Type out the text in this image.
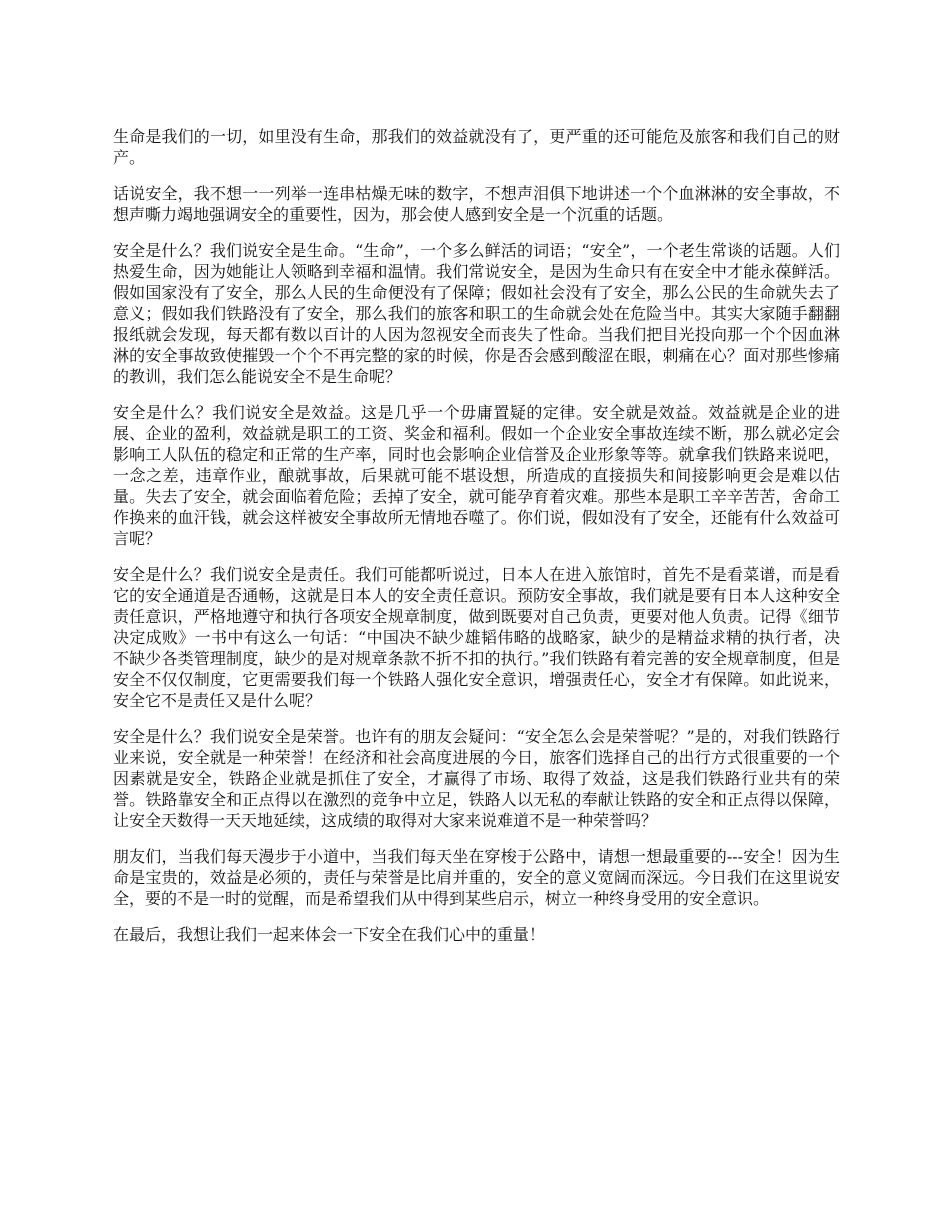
生命是我们的一切，如里没有生命，那我们的效益就没有了，更严重的还可能危及旅客和我们自己的财产。

话说安全，我不想一一列举一连串枯燥无味的数字，不想声泪俱下地讲述一个个血淋淋的安全事故，不想声嘶力竭地强调安全的重要性，因为，那会使人感到安全是一个沉重的话题。

安全是什么？我们说安全是生命。“生命”，一个多么鲜活的词语；“安全”，一个老生常谈的话题。人们热爱生命，因为她能让人领略到幸福和温情。我们常说安全，是因为生命只有在安全中才能永葆鲜活。假如国家没有了安全，那么人民的生命便没有了保障；假如社会没有了安全，那么公民的生命就失去了意义；假如我们铁路没有了安全，那么我们的旅客和职工的生命就会处在危险当中。其实大家随手翻翻报纸就会发现，每天都有数以百计的人因为忽视安全而丧失了性命。当我们把目光投向那一个个因血淋淋的安全事故致使摧毁一个个不再完整的家的时候，你是否会感到酸涩在眼，刺痛在心？面对那些惨痛的教训，我们怎么能说安全不是生命呢？

安全是什么？我们说安全是效益。这是几乎一个毋庸置疑的定律。安全就是效益。效益就是企业的进展、企业的盈利，效益就是职工的工资、奖金和福利。假如一个企业安全事故连续不断，那么就必定会影响工人队伍的稳定和正常的生产率，同时也会影响企业信誉及企业形象等等。就拿我们铁路来说吧，一念之差，违章作业，酿就事故，后果就可能不堪设想，所造成的直接损失和间接影响更会是难以估量。失去了安全，就会面临着危险；丢掉了安全，就可能孕育着灾难。那些本是职工辛辛苦苦，舍命工作换来的血汗钱，就会这样被安全事故所无情地吞噬了。你们说，假如没有了安全，还能有什么效益可言呢？

安全是什么？我们说安全是责任。我们可能都听说过，日本人在进入旅馆时，首先不是看菜谱，而是看它的安全通道是否通畅，这就是日本人的安全责任意识。预防安全事故，我们就是要有日本人这种安全责任意识，严格地遵守和执行各项安全规章制度，做到既要对自己负责，更要对他人负责。记得《细节决定成败》一书中有这么一句话：“中国决不缺少雄韬伟略的战略家，缺少的是精益求精的执行者，决不缺少各类管理制度，缺少的是对规章条款不折不扣的执行。”我们铁路有着完善的安全规章制度，但是安全不仅仅制度，它更需要我们每一个铁路人强化安全意识，增强责任心，安全才有保障。如此说来，安全它不是责任又是什么呢？

安全是什么？我们说安全是荣誉。也许有的朋友会疑问：“安全怎么会是荣誉呢？”是的，对我们铁路行业来说，安全就是一种荣誉！在经济和社会高度进展的今日，旅客们选择自己的出行方式很重要的一个因素就是安全，铁路企业就是抓住了安全，才赢得了市场、取得了效益，这是我们铁路行业共有的荣誉。铁路靠安全和正点得以在激烈的竞争中立足，铁路人以无私的奉献让铁路的安全和正点得以保障，让安全天数得一天天地延续，这成绩的取得对大家来说难道不是一种荣誉吗？

朋友们，当我们每天漫步于小道中，当我们每天坐在穿梭于公路中，请想一想最重要的---安全！因为生命是宝贵的，效益是必须的，责任与荣誉是比肩并重的，安全的意义宽阔而深远。今日我们在这里说安全，要的不是一时的觉醒，而是希望我们从中得到某些启示，树立一种终身受用的安全意识。

在最后，我想让我们一起来体会一下安全在我们心中的重量！
